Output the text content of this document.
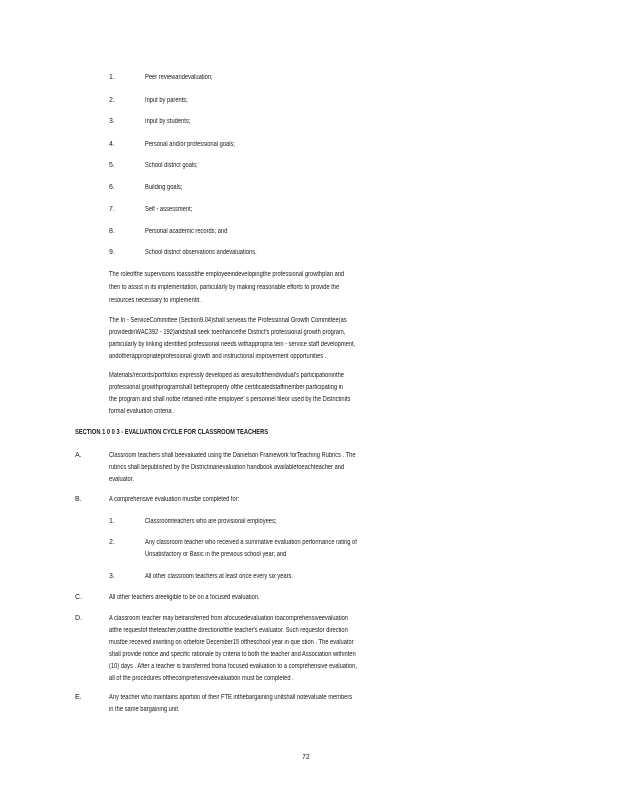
1.	Peer reviewandevaluation;
2.	Input by parents;
3.	Input by students;
4.	Personal and/or professional goals;
5.	School district goals;
6.	Building goals;
7.	Self - assessment;
8.	Personal academic records; and
9.	School district observations andevaluations.
The roleofthe supervisoris toassistthe employeeindevelopingthe professional growthplan and
then to assist in its implementation, particularly by making reasonable efforts to provide the
resources necessary to implementit .
The In - ServiceCommittee (Section9.04)shall serveas the Professional Growth Committee(as
providedinWAC392 - 192)andshall seek toenhancethe District's professional growth program,
particularly by linking identified professional needs withappropria tein - service staff development,
andotherappropriateprofessional growth and instructional improvement opportunities .
Materials/records/portfolios expressly developed as aresultoftheindividual's participationinthe
professional growthprogramshall betheproperty ofthe certificatedstaffmember participating in
the program and shall notbe retained inthe employee' s personnel fileor used by the Districtinits
formal evaluation criteria .
SECTION 1 0 0 3 - EVALUATION CYCLE FOR CLASSROOM TEACHERS
A.	Classroom teachers shall beevaluated using the Danielson Framework forTeaching Rubrics . The
rubrics shall bepublished by the Districtinanevaluation handbook availabletoeachteacher and
evaluator.
B.	A comprehensive evaluation mustbe completed for:
1.	Classroomteachers who are provisional employees;
2.	Any classroom teacher who received a summative evaluation performance rating of
Unsatisfactory or Basic in the previous school year; and
3.	All other classroom teachers at least once every six years.
C.	All other teachers areeligible to be on a focused evaluation.
D.	A classroom teacher may betransferred from afocusedevaluation toacomprehensiveevaluation
atthe requestof theteacher,orattthe directionofthe teacher's evaluator. Such requestor direction
mustbe received inwriting on orbefore December15 oftheschool year in que stion . The evaluator
shall provide notice and specific rationale by criteria to both the teacher and Association withinten
(10) days . After a teacher is transferred froma focused evaluation to a comprehensive evaluation,
all of the procedures ofthecomprehensiveevaluation must be completed .
E.	Any teacher who maintains aportion of their FTE inthebargaining unitshall notevaluate members
in the same bargaining unit.
72
